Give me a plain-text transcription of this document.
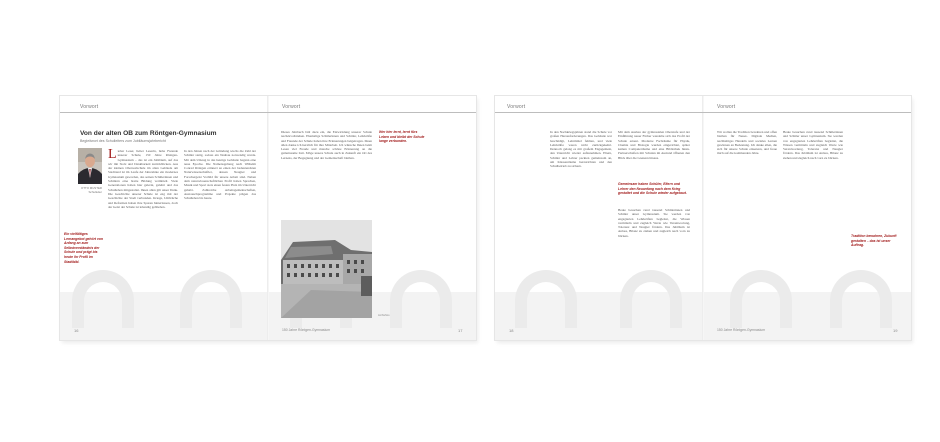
Vorwort	Vorwort
Von der alten OB zum Röntgen-Gymnasium
Begleitwort des Schulleiters zum Jubiläumsjahrbericht
OTTO MUSTER
Schulleiter
Ein vielfältiges Lernangebot gehört von Anfang an zum Selbstverständnis der Schule und prägt bis heute ihr Profil im Stadtbild.
L ieber Leser, lieber Leserin, liebe Freunde unserer Schule, 150 Jahre Röntgen-Gymnasium – das ist ein Jubiläum, auf das wir mit Stolz und Dankbarkeit zurückblicken. Aus der kleinen Oberrealschule im alten Gebäude am Stadtrand ist im Laufe der Jahrzehnte ein modernes Gymnasium geworden, das seinen Schülerinnen und Schülern eine breite Bildung vermittelt. Viele Generationen haben hier gelernt, gelehrt und das Schulleben mitgestaltet. Ihnen allen gilt unser Dank. Die Geschichte unserer Schule ist eng mit der Geschichte der Stadt verbunden. Kriege, Umbrüche und Reformen haben ihre Spuren hinterlassen, doch der Geist der Schule ist lebendig geblieben.
In den Jahren nach der Gründung wuchs die Zahl der Schüler stetig, sodass ein Neubau notwendig wurde. Mit dem Umzug in das heutige Gebäude begann eine neue Epoche. Die Namensgebung nach Wilhelm Conrad Röntgen erinnert an einen der bedeutendsten Naturwissenschaftler, dessen Neugier und Forschergeist Vorbild für unsere Arbeit sind. Neben dem naturwissenschaftlichen Profil haben Sprachen, Musik und Sport stets einen festen Platz im Unterricht gehabt. Zahlreiche Arbeitsgemeinschaften, Austauschprogramme und Projekte prägen das Schulleben bis heute.
Dieses Jahrbuch lädt dazu ein, die Entwicklung unserer Schule nachzuvollziehen. Ehemalige Schülerinnen und Schüler, Lehrkräfte und Freunde der Schule haben ihre Erinnerungen beigetragen. Ihnen allen danke ich herzlich für ihre Mitarbeit. Ich wünsche Ihnen beim Lesen viel Freude und manche schöne Erinnerung an die gemeinsame Zeit. Möge unsere Schule auch in Zukunft ein Ort des Lernens, der Begegnung und der Gemeinschaft bleiben.
Wer hier lernt, lernt fürs Leben und bleibt der Schule lange verbunden.
Archivfoto
16	150 Jahre Röntgen-Gymnasium	17
Vorwort	Vorwort
In den Nachkriegsjahren stand die Schule vor großen Herausforderungen. Das Gebäude war beschädigt, Lehrmittel fehlten, und viele Lehrkräfte waren nicht zurückgekehrt. Dennoch gelang es mit großem Engagement, den Unterricht wieder aufzunehmen. Eltern, Schüler und Lehrer packten gemeinsam an, um Klassenräume herzurichten und den Schulbetrieb zu sichern.
Gemeinsam haben Schüler, Eltern und Lehrer den Neuanfang nach dem Krieg gestaltet und die Schule wieder aufgebaut.
Mit dem Ausbau der gymnasialen Oberstufe und der Einführung neuer Fächer wandelte sich das Profil der Schule erneut. Moderne Fachräume für Physik, Chemie und Biologie wurden eingerichtet, später kamen Computerräume und eine Bibliothek hinzu. Partnerschaften mit Schulen im Ausland öffneten den Blick über die Grenzen hinaus.
Heute besuchen rund tausend Schülerinnen und Schüler unser Gymnasium. Sie werden von engagierten Lehrkräften begleitet, die Wissen vermitteln und zugleich Werte wie Verantwortung, Toleranz und Neugier fördern. Das Jubiläum ist Anlass, Bilanz zu ziehen und zugleich nach vorn zu blicken.
Wir wollen die Tradition bewahren und offen bleiben für Neues. Digitale Medien, nachhaltiges Handeln und soziales Lernen gewinnen an Bedeutung. Ich danke allen, die sich für unsere Schule einsetzen, und freue mich auf die kommenden Jahre.
Heute besuchen rund tausend Schülerinnen und Schüler unser Gymnasium. Sie werden von engagierten Lehrkräften begleitet, die Wissen vermitteln und zugleich Werte wie Verantwortung, Toleranz und Neugier fördern. Das Jubiläum ist Anlass, Bilanz zu ziehen und zugleich nach vorn zu blicken.
Tradition bewahren, Zukunft gestalten – das ist unser Auftrag.
18	150 Jahre Röntgen-Gymnasium	19
